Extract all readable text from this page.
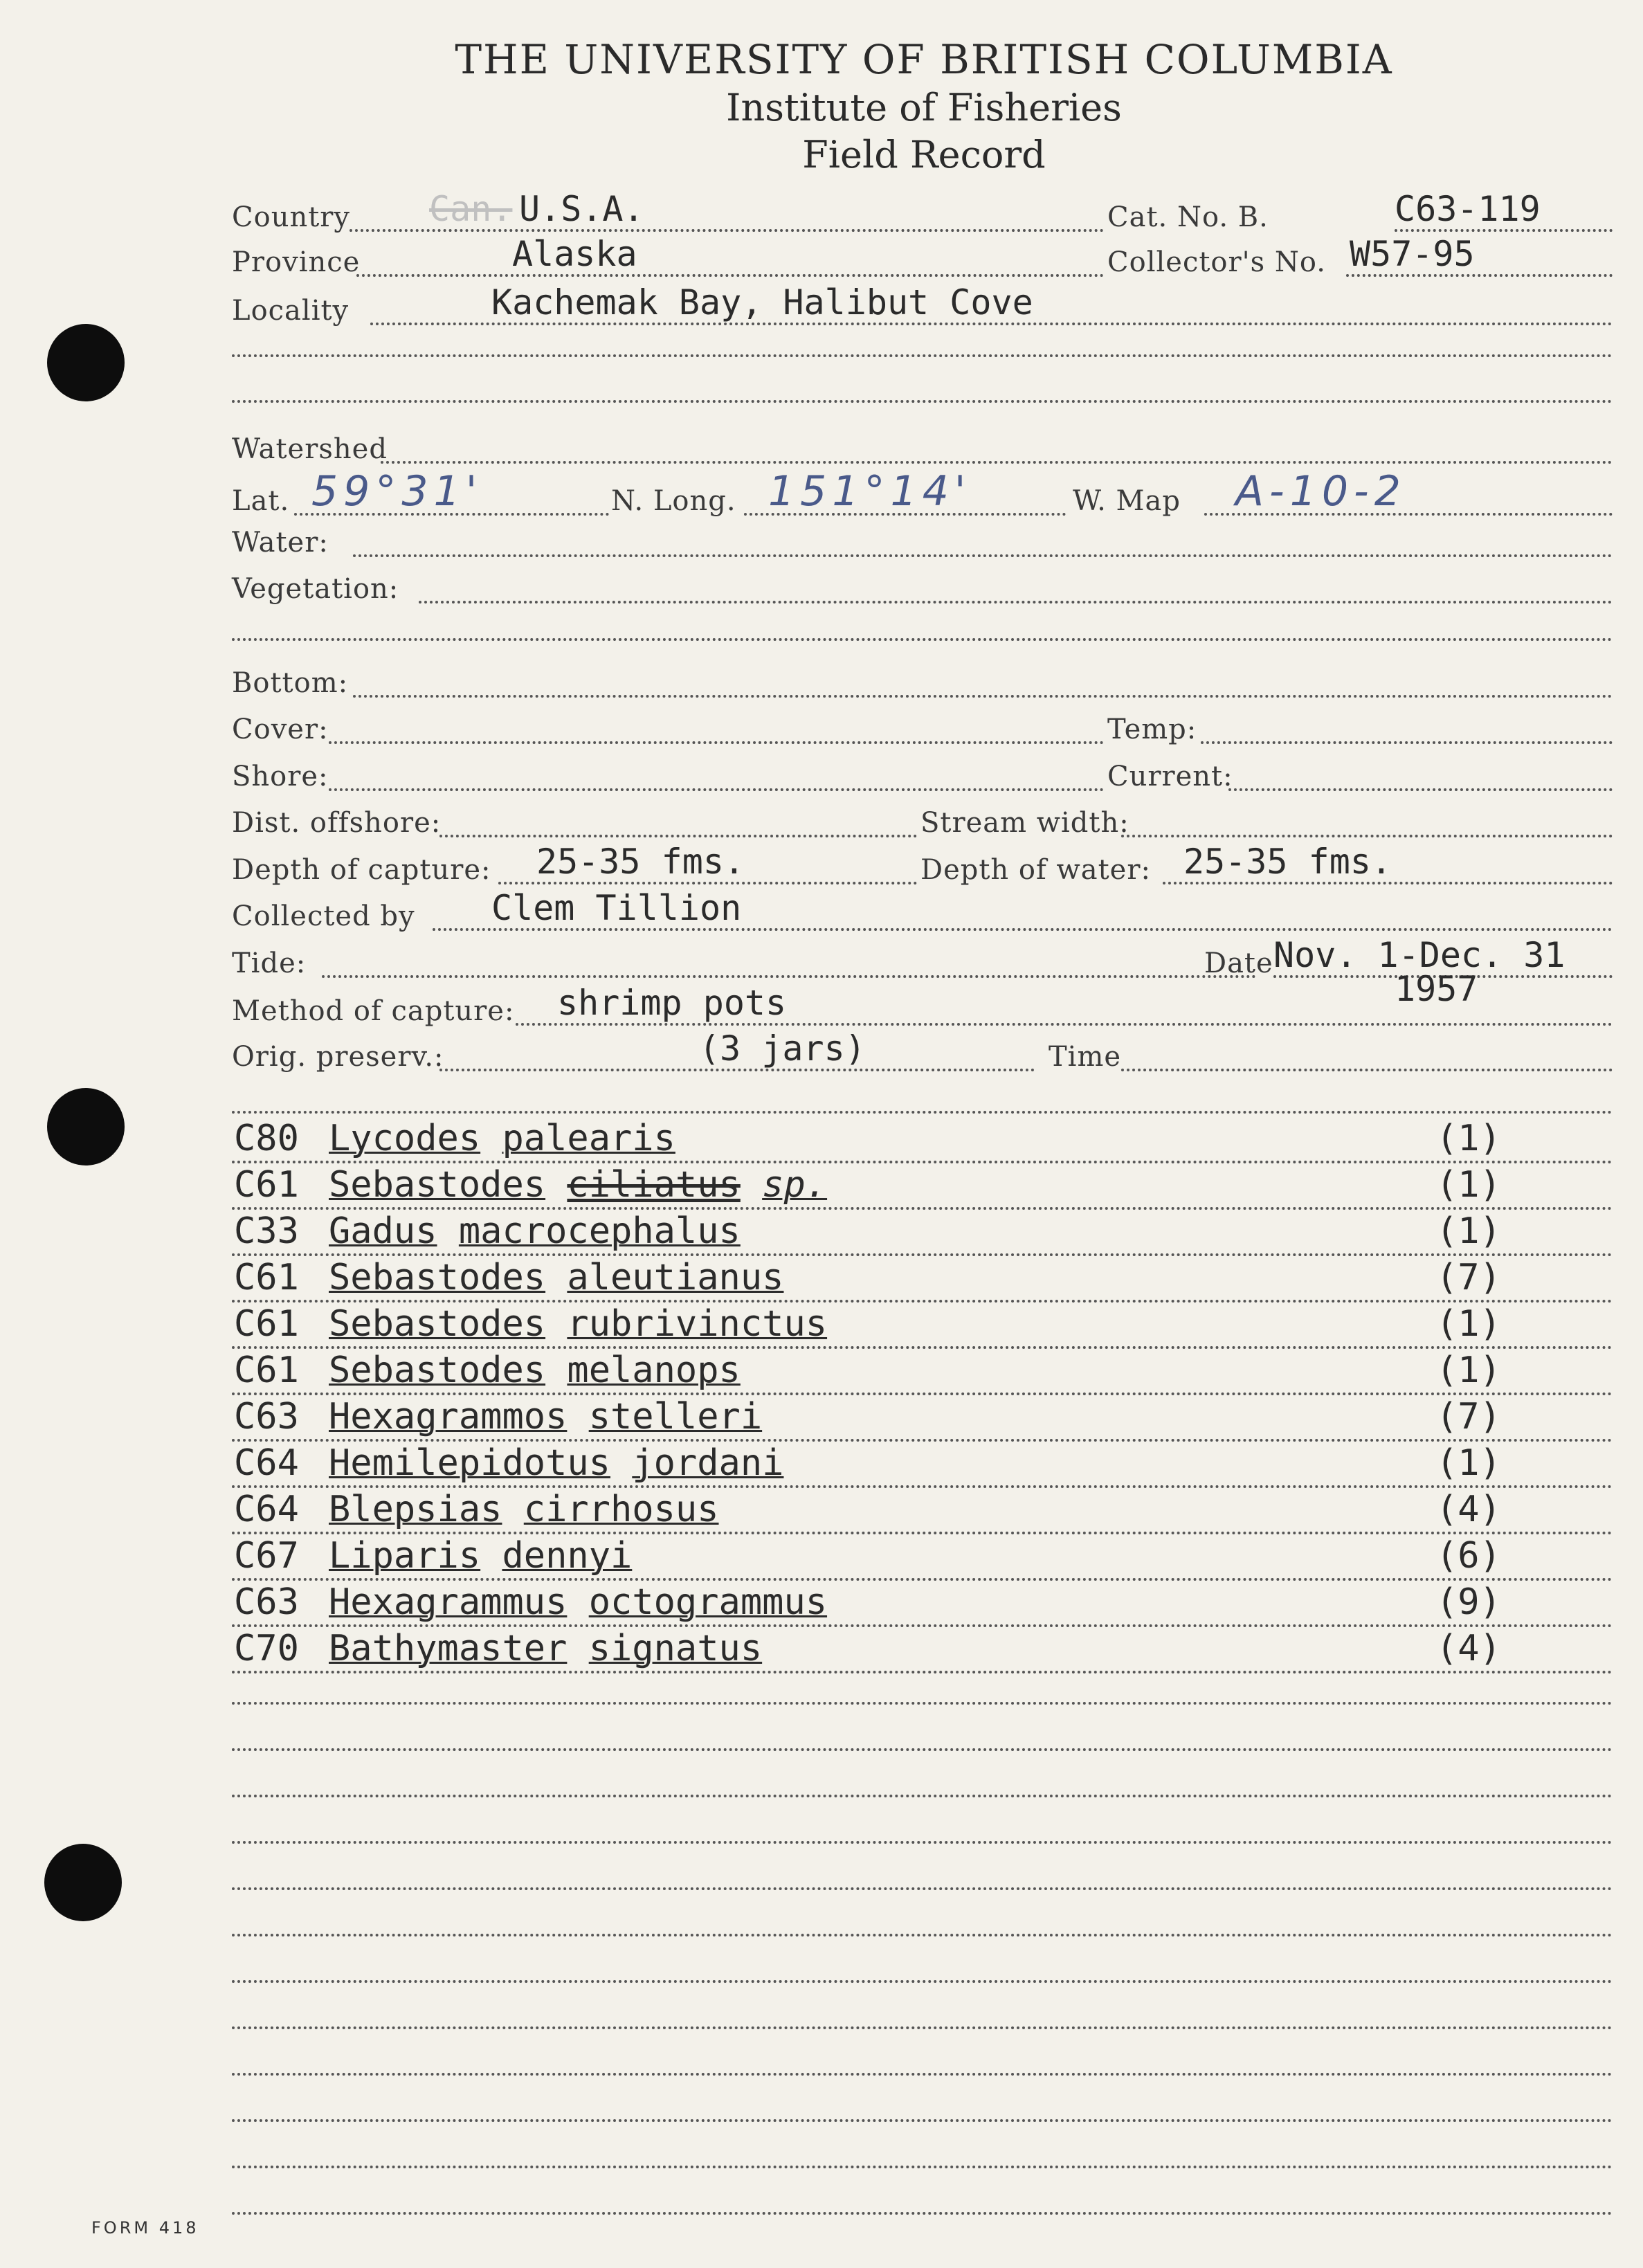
THE UNIVERSITY OF BRITISH COLUMBIA
Institute of Fisheries
Field Record
Country Can. U.S.A.	Cat. No. B.	C63-119
Province	Alaska	Collector's No. W57-95
Locality	Kachemak Bay, Halibut Cove
Watershed
Lat. 59°31'	N. Long. 151°14'	W. Map A-10-2
Water:
Vegetation:
Bottom:
Cover:	Temp:
Shore:	Current:
Dist. offshore:	Stream width:
Depth of capture: 25-35 fms.	Depth of water: 25-35 fms.
Collected by Clem Tillion
Tide:	Date Nov. 1-Dec. 31
1957
Method of capture: shrimp pots
Orig. preserv.:	(3 jars)	Time
C80 Lycodes palearis	(1)
C61 Sebastodes ciliatus sp.	(1)
C33 Gadus macrocephalus	(1)
C61 Sebastodes aleutianus	(7)
C61 Sebastodes rubrivinctus	(1)
C61 Sebastodes melanops	(1)
C63 Hexagrammos stelleri	(7)
C64 Hemilepidotus jordani	(1)
C64 Blepsias cirrhosus	(4)
C67 Liparis dennyi	(6)
C63 Hexagrammus octogrammus	(9)
C70 Bathymaster signatus	(4)
FORM 418
